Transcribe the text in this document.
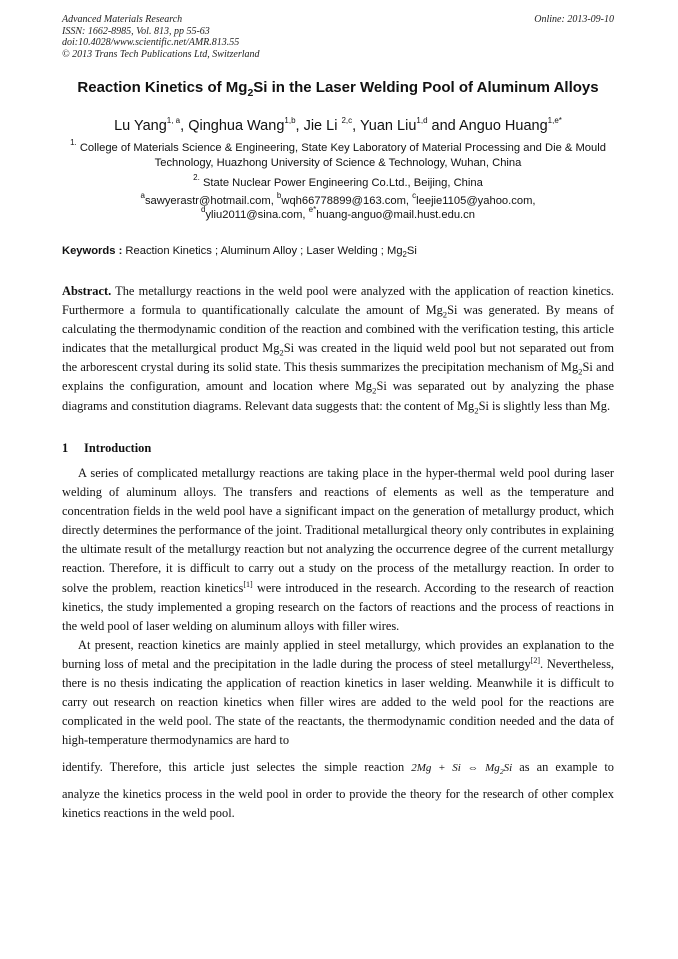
Advanced Materials Research
ISSN: 1662-8985, Vol. 813, pp 55-63
doi:10.4028/www.scientific.net/AMR.813.55
© 2013 Trans Tech Publications Ltd, Switzerland
Online: 2013-09-10
Reaction Kinetics of $Mg_2Si$ in the Laser Welding Pool of Aluminum Alloys
Lu Yang$^{1, a}$, Qinghua Wang$^{1,b}$, Jie Li $^{2,c}$, Yuan Liu$^{1,d}$ and Anguo Huang$^{1,e*}$
$^{1.}$ College of Materials Science & Engineering, State Key Laboratory of Material Processing and Die & Mould Technology, Huazhong University of Science & Technology, Wuhan, China
$^{2.}$ State Nuclear Power Engineering Co.Ltd., Beijing, China
$^a$sawyerastr@hotmail.com, $^b$wqh66778899@163.com, $^c$leejie1105@yahoo.com,
$^d$yliu2011@sina.com, $^{e*}$huang-anguo@mail.hust.edu.cn
Keywords : Reaction Kinetics ; Aluminum Alloy ; Laser Welding ; $Mg_2Si$
Abstract. The metallurgy reactions in the weld pool were analyzed with the application of reaction kinetics. Furthermore a formula to quantificationally calculate the amount of $Mg_2Si$ was generated. By means of calculating the thermodynamic condition of the reaction and combined with the verification testing, this article indicates that the metallurgical product $Mg_2Si$ was created in the liquid weld pool but not separated out from the arborescent crystal during its solid state. This thesis summarizes the precipitation mechanism of $Mg_2Si$ and explains the configuration, amount and location where $Mg_2Si$ was separated out by analyzing the phase diagrams and constitution diagrams. Relevant data suggests that: the content of $Mg_2Si$ is slightly less than Mg.
1 Introduction
A series of complicated metallurgy reactions are taking place in the hyper-thermal weld pool during laser welding of aluminum alloys. The transfers and reactions of elements as well as the temperature and concentration fields in the weld pool have a significant impact on the generation of metallurgy product, which directly determines the performance of the joint. Traditional metallurgical theory only contributes in explaining the ultimate result of the metallurgy reaction but not analyzing the occurrence degree of the current metallurgy reaction. Therefore, it is difficult to carry out a study on the process of the metallurgy reaction. In order to solve the problem, reaction kinetics[1] were introduced in the research. According to the research of reaction kinetics, the study implemented a groping research on the factors of reactions and the process of reactions in the weld pool of laser welding on aluminum alloys with filler wires.
At present, reaction kinetics are mainly applied in steel metallurgy, which provides an explanation to the burning loss of metal and the precipitation in the ladle during the process of steel metallurgy[2]. Nevertheless, there is no thesis indicating the application of reaction kinetics in laser welding. Meanwhile it is difficult to carry out research on reaction kinetics when filler wires are added to the weld pool for the reactions are complicated in the weld pool. The state of the reactants, the thermodynamic condition needed and the data of high-temperature thermodynamics are hard to
identify. Therefore, this article just selectes the simple reaction 2Mg + Si ⇔ $Mg_2Si$ as an example to
analyze the kinetics process in the weld pool in order to provide the theory for the research of other complex kinetics reactions in the weld pool.
